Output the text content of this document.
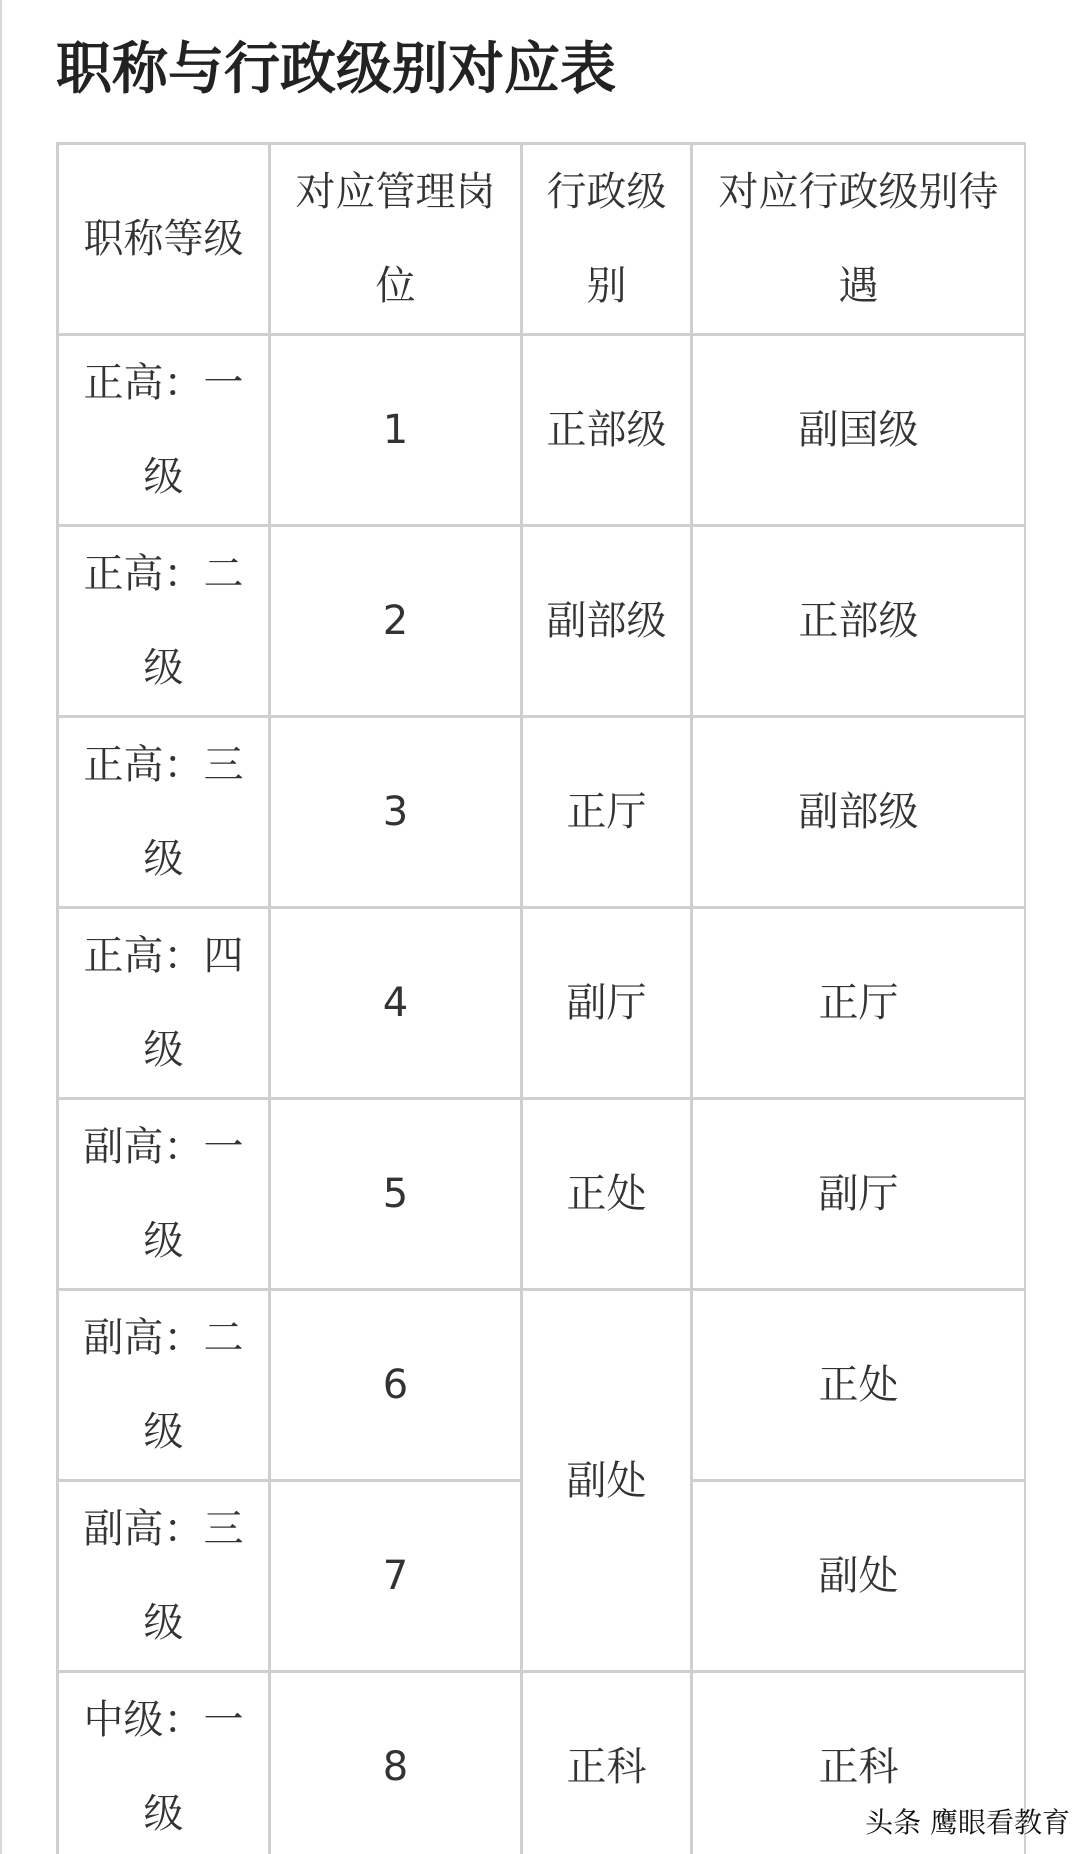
职称与行政级别对应表
职称等级	对应管理岗位	行政级别	对应行政级别待遇
正高：一级	1	正部级	副国级
正高：二级	2	副部级	正部级
正高：三级	3	正厅	副部级
正高：四级	4	副厅	正厅
副高：一级	5	正处	副厅
副高：二级	6	副处	正处
副高：三级	7		副处
中级：一级	8	正科	正科
头条 鹰眼看教育
